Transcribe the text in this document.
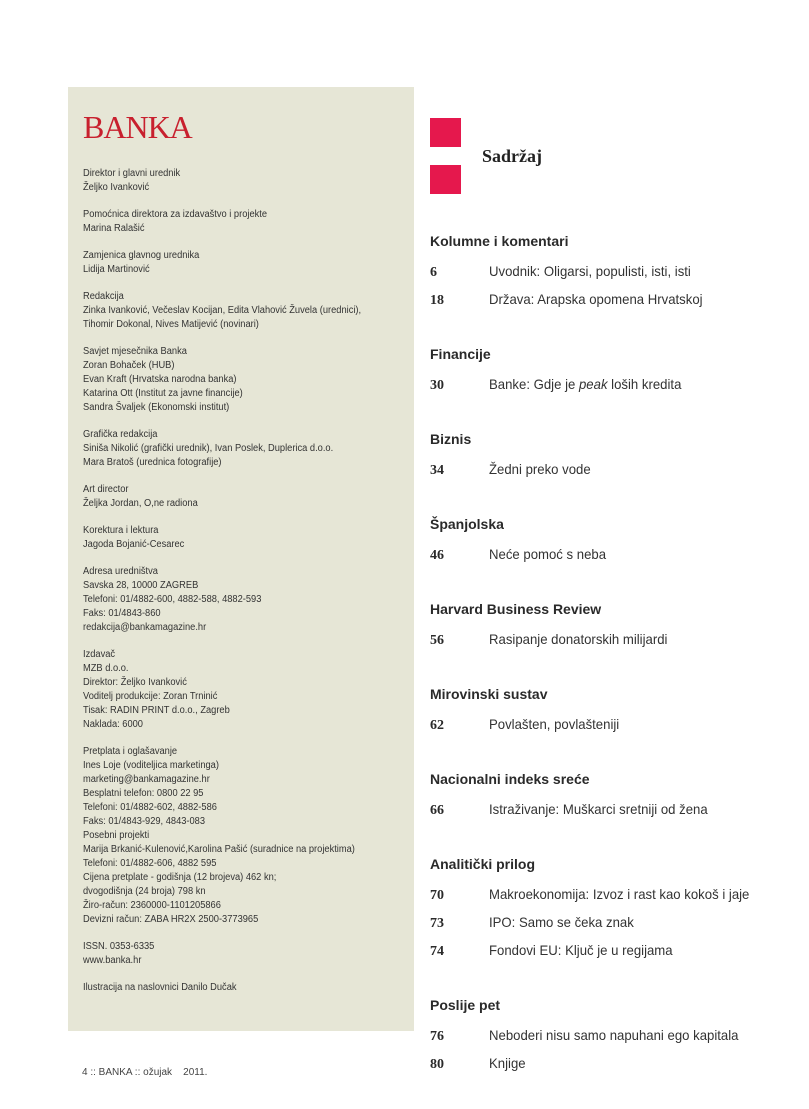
BANKA
Direktor i glavni urednik
Željko Ivanković
Pomoćnica direktora za izdavaštvo i projekte
Marina Ralašić
Zamjenica glavnog urednika
Lidija Martinović
Redakcija
Zinka Ivanković, Večeslav Kocijan, Edita Vlahović Žuvela (urednici),
Tihomir Dokonal, Nives Matijević (novinari)
Savjet mjesečnika Banka
Zoran Bohaček (HUB)
Evan Kraft (Hrvatska narodna banka)
Katarina Ott (Institut za javne financije)
Sandra Švaljek (Ekonomski institut)
Grafička redakcija
Siniša Nikolić (grafički urednik), Ivan Poslek, Duplerica d.o.o.
Mara Bratoš (urednica fotografije)
Art director
Željka Jordan, O,ne radiona
Korektura i lektura
Jagoda Bojanić-Cesarec
Adresa uredništva
Savska 28, 10000 ZAGREB
Telefoni: 01/4882-600, 4882-588, 4882-593
Faks: 01/4843-860
redakcija@bankamagazine.hr
Izdavač
MZB d.o.o.
Direktor: Željko Ivanković
Voditelj produkcije: Zoran Trninić
Tisak: RADIN PRINT d.o.o., Zagreb
Naklada: 6000
Pretplata i oglašavanje
Ines Loje (voditeljica marketinga)
marketing@bankamagazine.hr
Besplatni telefon: 0800 22 95
Telefoni: 01/4882-602, 4882-586
Faks: 01/4843-929, 4843-083
Posebni projekti
Marija Brkanić-Kulenović,Karolina Pašić (suradnice na projektima)
Telefoni: 01/4882-606, 4882 595
Cijena pretplate - godišnja (12 brojeva) 462 kn;
dvogodišnja (24 broja) 798 kn
Žiro-račun: 2360000-1101205866
Devizni račun: ZABA HR2X 2500-3773965
ISSN. 0353-6335
www.banka.hr
Ilustracija na naslovnici Danilo Dučak
Sadržaj
Kolumne i komentari
6	Uvodnik: Oligarsi, populisti, isti, isti
18	Država: Arapska opomena Hrvatskoj
Financije
30	Banke: Gdje je peak loših kredita
Biznis
34	Žedni preko vode
Španjolska
46	Neće pomoć s neba
Harvard Business Review
56	Rasipanje donatorskih milijardi
Mirovinski sustav
62	Povlašten, povlašteniji
Nacionalni indeks sreće
66	Istraživanje: Muškarci sretniji od žena
Analitički prilog
70	Makroekonomija: Izvoz i rast kao kokoš i jaje
73	IPO: Samo se čeka znak
74	Fondovi EU: Ključ je u regijama
Poslije pet
76	Neboderi nisu samo napuhani ego kapitala
80	Knjige
4 :: BANKA :: ožujak    2011.
